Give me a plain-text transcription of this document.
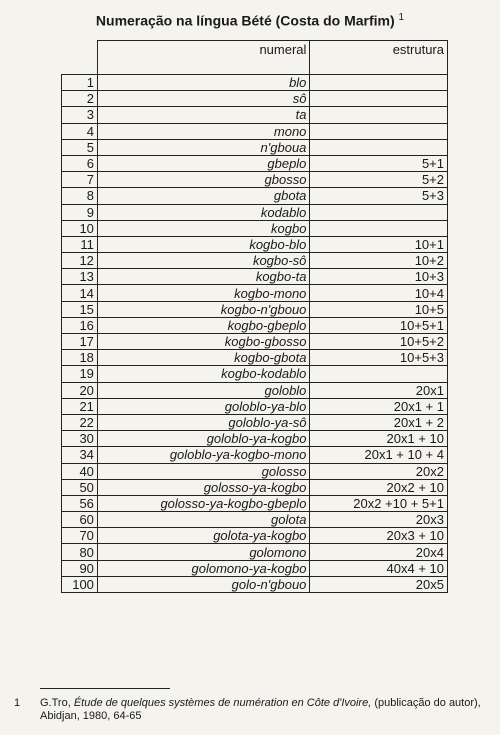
Numeração na língua Bété (Costa do Marfim) $^1$
	numeral	estrutura
1	blo	
2	sô	
3	ta	
4	mono	
5	n'gboua	
6	gbeplo	5+1
7	gbosso	5+2
8	gbota	5+3
9	kodablo	
10	kogbo	
11	kogbo-blo	10+1
12	kogbo-sô	10+2
13	kogbo-ta	10+3
14	kogbo-mono	10+4
15	kogbo-n'gbouo	10+5
16	kogbo-gbeplo	10+5+1
17	kogbo-gbosso	10+5+2
18	kogbo-gbota	10+5+3
19	kogbo-kodablo	
20	goloblo	20x1
21	goloblo-ya-blo	20x1 + 1
22	goloblo-ya-sô	20x1 + 2
30	goloblo-ya-kogbo	20x1 + 10
34	goloblo-ya-kogbo-mono	20x1 + 10 + 4
40	golosso	20x2
50	golosso-ya-kogbo	20x2 + 10
56	golosso-ya-kogbo-gbeplo	20x2 +10 + 5+1
60	golota	20x3
70	golota-ya-kogbo	20x3 + 10
80	golomono	20x4
90	golomono-ya-kogbo	40x4 + 10
100	golo-n'gbouo	20x5
1 G.Tro, Étude de quelques systèmes de numération en Côte d'Ivoire, (publicação do autor), Abidjan, 1980, 64-65
